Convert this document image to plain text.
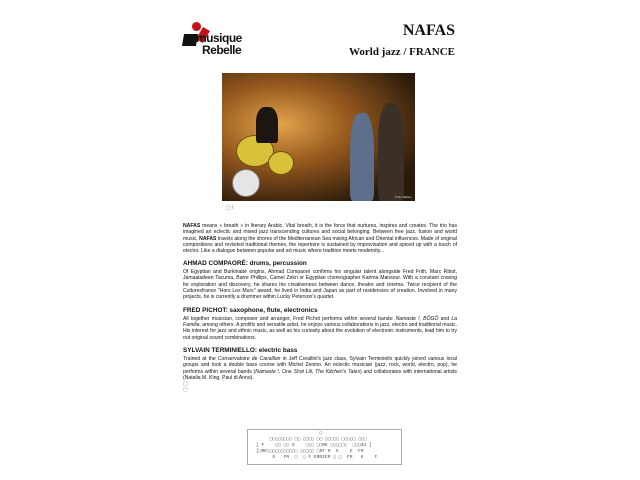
musique
Rebelle
NAFAS
World jazz / FRANCE
©Yan Bellery
▢ I

NAFAS means « breath » in literary Arabic. Vital breath, it is the force that nurtures, inspires and creates. The trio has imagined an eclectic and mixed jazz transcending cultures and social belonging. Between free jazz, fusion and world music, NAFAS travels along the shores of the Mediterranean Sea mixing African and Oriental influences. Made of original compositions and revisited traditional themes, the repertoire is sustained by improvisation and spiced up with a touch of electro. Like a dialogue between popular and art music where tradition meets modernity...

AHMAD COMPAORÉ: drums, percussion
Of Egyptian and Burkinabè origins, Ahmad Compaoré confirms his singular talent alongside Fred Frith, Marc Ribot, Jamaaladeen Tacuma, Barre Phillips, Camel Zekri or Egyptian choreographer Karima Mansour. With a constant craving for exploration and discovery, he shares his creativeness between dance, theatre and cinema. Twice recipient of the Culturesfrance "Hors Les Murs" award, he lived in India and Japan as part of residencies of creation. Involved in many projects, he is currently a drummer within Lucky Peterson's quartet.
FRED PICHOT: saxophone, flute, electronics
All together musician, composer and arranger, Fred Pichot performs within several bands: Namaste !, BÔGÔ and La Familia, among others. A prolific and versatile artist, he enjoys various collaborations in jazz, electro and traditional music. His interest for jazz and ethnic music, as well as his curiosity about the evolution of electronic instruments, lead him to try out original sound combinations.
SYLVAIN TERMINIELLO: electric bass
Trained at the Conservatoire de Cavaillon in Jeff Corallini's jazz class, Sylvain Terminiello quickly joined various local groups and took a double bass course with Michel Zenino. An eclectic musician (jazz, rock, world, electro, pop), he performs within several bands (Namaste !, One Shot Lili, The Kitchen's Tales) and collaborates with international artists (Natalia M. King, Paul di Anno).
▢
▢
▢
▢▢▢▢▢▢▢▢ ▢▢ ▢▢▢▢ ▢▢ ▢▢▢▢▢ ▢▢▢▢▢ ▢▢▢
[ F    ▢▢ ▢▢ O    ▢▢▢ ▢▢RE ▢▢▢▢▢▢  ▢▢▢$1 ]
[▢RE▢▢▢▢▢▢▢▢▢▢▢ ▢▢▢▢▢ ▢DF R  E    E  FR
E   FR  ▢  ▢ F ERNIER ▢ ▢  FR   K    F
